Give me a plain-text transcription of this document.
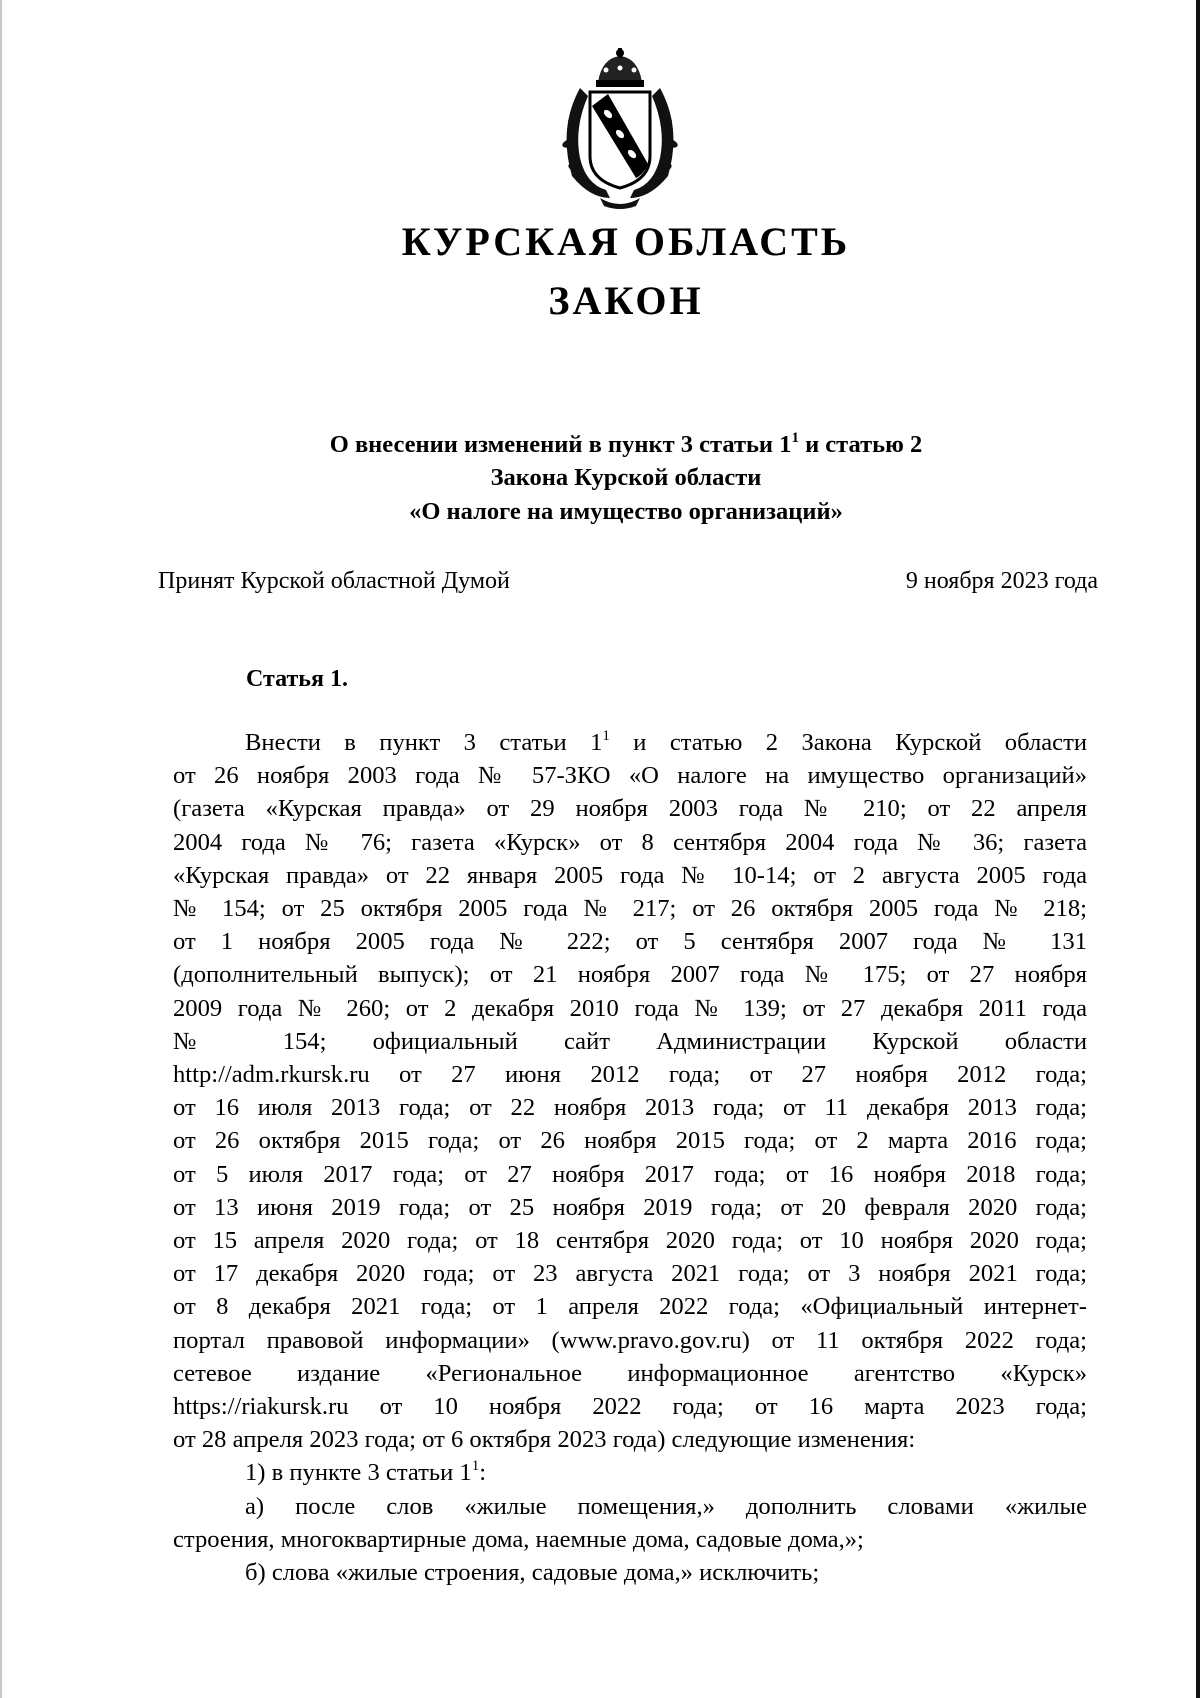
КУРСКАЯ ОБЛАСТЬ
ЗАКОН
О внесении изменений в пункт 3 статьи $1^1$ и статью 2
Закона Курской области
«О налоге на имущество организаций»
Принят Курской областной Думой	9 ноября 2023 года
Статья 1.
Внести в пункт 3 статьи $1^1$ и статью 2 Закона Курской области
от 26 ноября 2003 года № 57-ЗКО «О налоге на имущество организаций»
(газета «Курская правда» от 29 ноября 2003 года № 210; от 22 апреля
2004 года № 76; газета «Курск» от 8 сентября 2004 года № 36; газета
«Курская правда» от 22 января 2005 года № 10-14; от 2 августа 2005 года
№ 154; от 25 октября 2005 года № 217; от 26 октября 2005 года № 218;
от 1 ноября 2005 года № 222; от 5 сентября 2007 года № 131
(дополнительный выпуск); от 21 ноября 2007 года № 175; от 27 ноября
2009 года № 260; от 2 декабря 2010 года № 139; от 27 декабря 2011 года
№ 154; официальный сайт Администрации Курской области
http://adm.rkursk.ru от 27 июня 2012 года; от 27 ноября 2012 года;
от 16 июля 2013 года; от 22 ноября 2013 года; от 11 декабря 2013 года;
от 26 октября 2015 года; от 26 ноября 2015 года; от 2 марта 2016 года;
от 5 июля 2017 года; от 27 ноября 2017 года; от 16 ноября 2018 года;
от 13 июня 2019 года; от 25 ноября 2019 года; от 20 февраля 2020 года;
от 15 апреля 2020 года; от 18 сентября 2020 года; от 10 ноября 2020 года;
от 17 декабря 2020 года; от 23 августа 2021 года; от 3 ноября 2021 года;
от 8 декабря 2021 года; от 1 апреля 2022 года; «Официальный интернет-
портал правовой информации» (www.pravo.gov.ru) от 11 октября 2022 года;
сетевое издание «Региональное информационное агентство «Курск»
https://riakursk.ru от 10 ноября 2022 года; от 16 марта 2023 года;
от 28 апреля 2023 года; от 6 октября 2023 года) следующие изменения:
1) в пункте 3 статьи $1^1$:
а) после слов «жилые помещения,» дополнить словами «жилые
строения, многоквартирные дома, наемные дома, садовые дома,»;
б) слова «жилые строения, садовые дома,» исключить;
